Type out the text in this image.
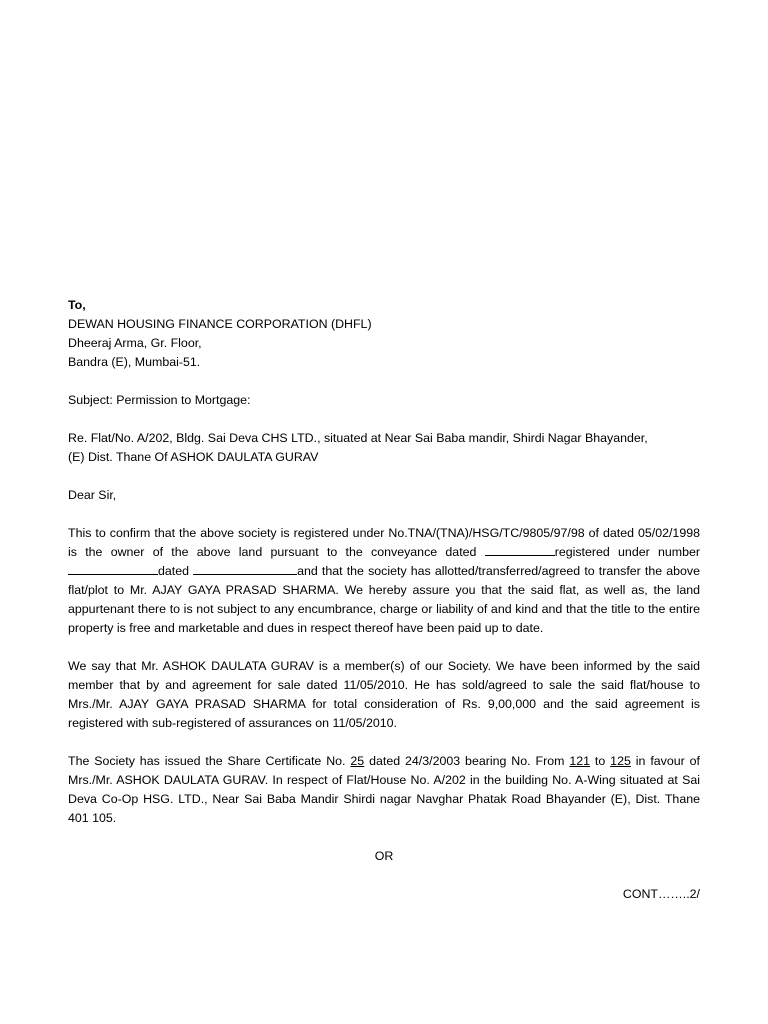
To,

DEWAN HOUSING FINANCE CORPORATION (DHFL)

Dheeraj Arma, Gr. Floor,

Bandra (E), Mumbai-51.

Subject: Permission to Mortgage:

Re. Flat/No. A/202, Bldg. Sai Deva CHS LTD., situated at Near Sai Baba mandir, Shirdi Nagar Bhayander,

(E) Dist. Thane Of ASHOK DAULATA GURAV

Dear Sir,

This to confirm that the above society is registered under No.TNA/(TNA)/HSG/TC/9805/97/98 of dated 05/02/1998 is the owner of the above land pursuant to the conveyance dated	registered under number dated	and that the society has allotted/transferred/agreed to transfer the above flat/plot to Mr. AJAY GAYA PRASAD SHARMA. We hereby assure you that the said flat, as well as, the land appurtenant there to is not subject to any encumbrance, charge or liability of and kind and that the title to the entire property is free and marketable and dues in respect thereof have been paid up to date.

We say that Mr. ASHOK DAULATA GURAV is a member(s) of our Society. We have been informed by the said member that by and agreement for sale dated 11/05/2010. He has sold/agreed to sale the said flat/house to Mrs./Mr. AJAY GAYA PRASAD SHARMA for total consideration of Rs. 9,00,000 and the said agreement is registered with sub-registered of assurances on 11/05/2010.

The Society has issued the Share Certificate No. 25 dated 24/3/2003 bearing No. From 121 to 125 in favour of Mrs./Mr. ASHOK DAULATA GURAV. In respect of Flat/House No. A/202 in the building No. A-Wing situated at Sai Deva Co-Op HSG. LTD., Near Sai Baba Mandir Shirdi nagar Navghar Phatak Road Bhayander (E), Dist. Thane 401 105.

OR

CONT……..2/
